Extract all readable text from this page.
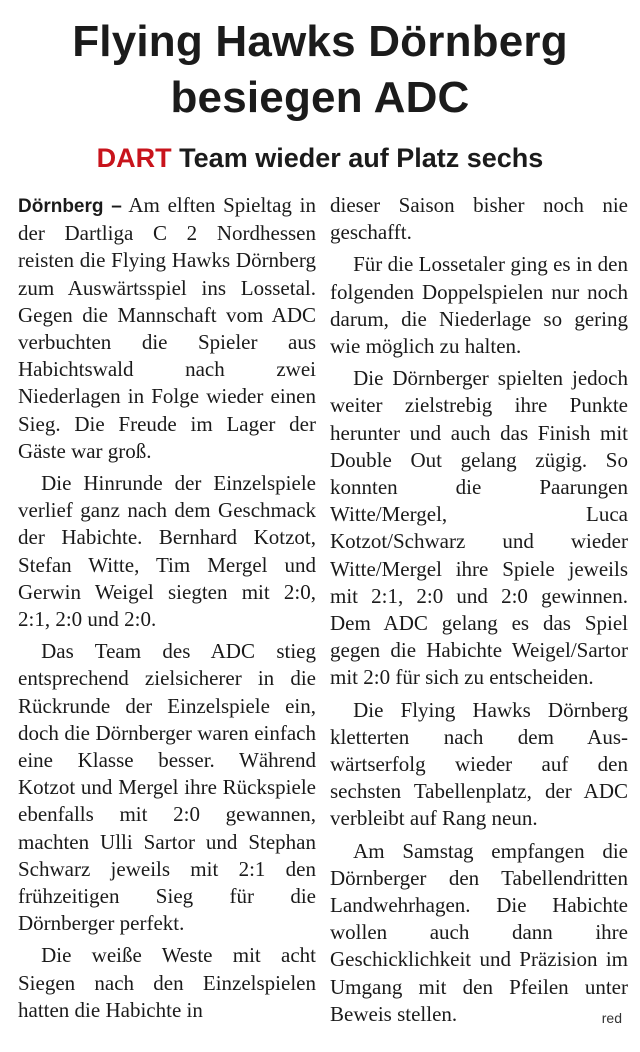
Flying Hawks Dörnberg
besiegen ADC
DART Team wieder auf Platz sechs

Dörnberg – Am elften Spieltag in der Dartliga C 2 Nordhessen reisten die Flying Hawks Dörnberg zum Auswärtsspiel ins Lossetal. Gegen die Mannschaft vom ADC verbuchten die Spieler aus Habichtswald nach zwei Niederlagen in Folge wieder einen Sieg. Die Freude im Lager der Gäste war groß.

Die Hinrunde der Einzelspiele verlief ganz nach dem Geschmack der Habichte. Bernhard Kotzot, Stefan Witte, Tim Mergel und Gerwin Weigel siegten mit 2:0, 2:1, 2:0 und 2:0.

Das Team des ADC stieg entsprechend zielsicherer in die Rückrunde der Einzelspiele ein, doch die Dörnberger waren einfach eine Klasse besser. Während Kotzot und Mergel ihre Rückspiele ebenfalls mit 2:0 gewannen, machten Ulli Sartor und Stephan Schwarz jeweils mit 2:1 den frühzeitigen Sieg für die Dörnberger perfekt.

Die weiße Weste mit acht Siegen nach den Einzelspielen hatten die Habichte in

dieser Saison bisher noch nie geschafft.

Für die Lossetaler ging es in den folgenden Doppelspielen nur noch darum, die Niederlage so gering wie möglich zu halten.

Die Dörnberger spielten jedoch weiter zielstrebig ihre Punkte herunter und auch das Finish mit Double Out gelang zügig. So konnten die Paarungen Witte/Mergel, Luca Kotzot/Schwarz und wieder Witte/Mergel ihre Spiele jeweils mit 2:1, 2:0 und 2:0 gewinnen. Dem ADC gelang es das Spiel gegen die Habichte Weigel/Sartor mit 2:0 für sich zu entscheiden.

Die Flying Hawks Dörnberg kletterten nach dem Auswärtserfolg wieder auf den sechsten Tabellenplatz, der ADC verbleibt auf Rang neun.

Am Samstag empfangen die Dörnberger den Tabellendritten Landwehrhagen. Die Habichte wollen auch dann ihre Geschicklichkeit und Präzision im Umgang mit den Pfeilen unter Beweis stellen.	red
